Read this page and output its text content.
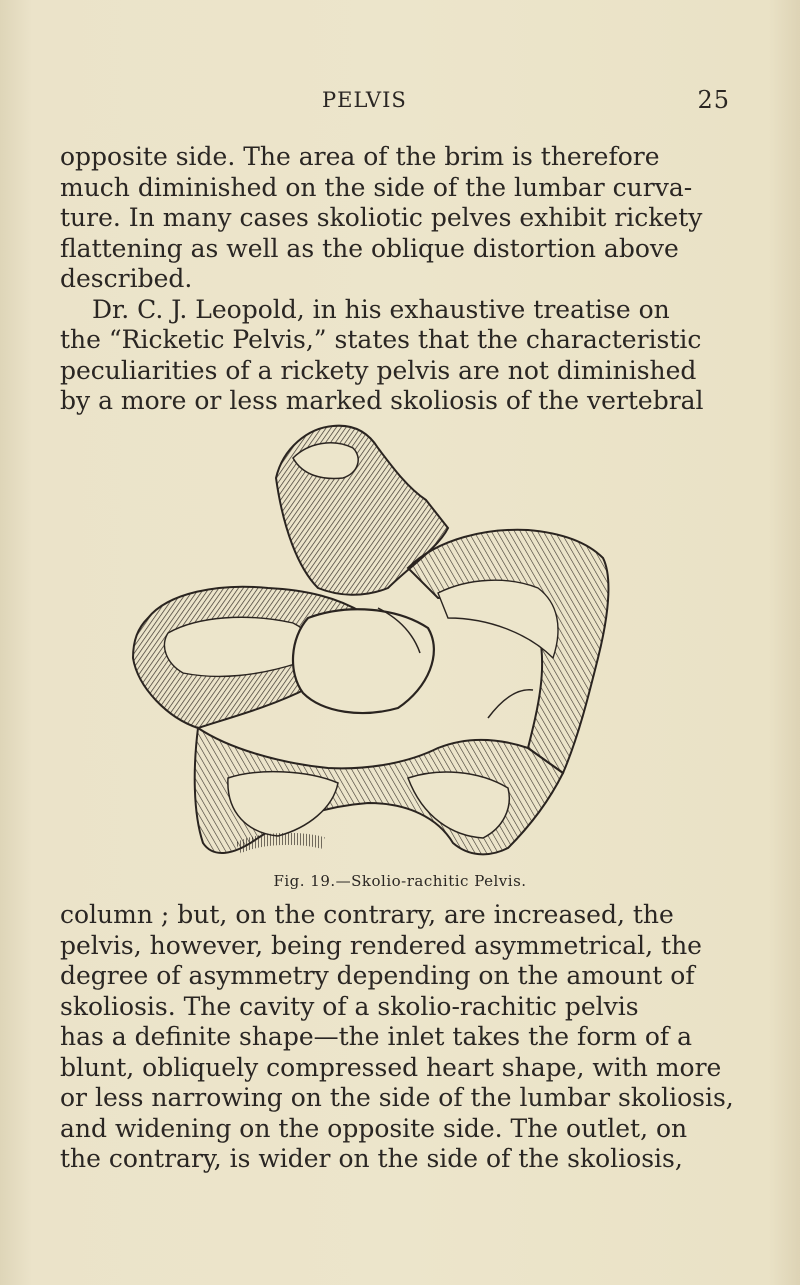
PELVIS	25
opposite side. The area of the brim is therefore
much diminished on the side of the lumbar curva-
ture. In many cases skoliotic pelves exhibit rickety
flattening as well as the oblique distortion above
described.
Dr. C. J. Leopold, in his exhaustive treatise on
the “Ricketic Pelvis,” states that the characteristic
peculiarities of a rickety pelvis are not diminished
by a more or less marked skoliosis of the vertebral
Fig. 19.—Skolio-rachitic Pelvis.
column ; but, on the contrary, are increased, the
pelvis, however, being rendered asymmetrical, the
degree of asymmetry depending on the amount of
skoliosis. The cavity of a skolio-rachitic pelvis
has a definite shape—the inlet takes the form of a
blunt, obliquely compressed heart shape, with more
or less narrowing on the side of the lumbar skoliosis,
and widening on the opposite side. The outlet, on
the contrary, is wider on the side of the skoliosis,
